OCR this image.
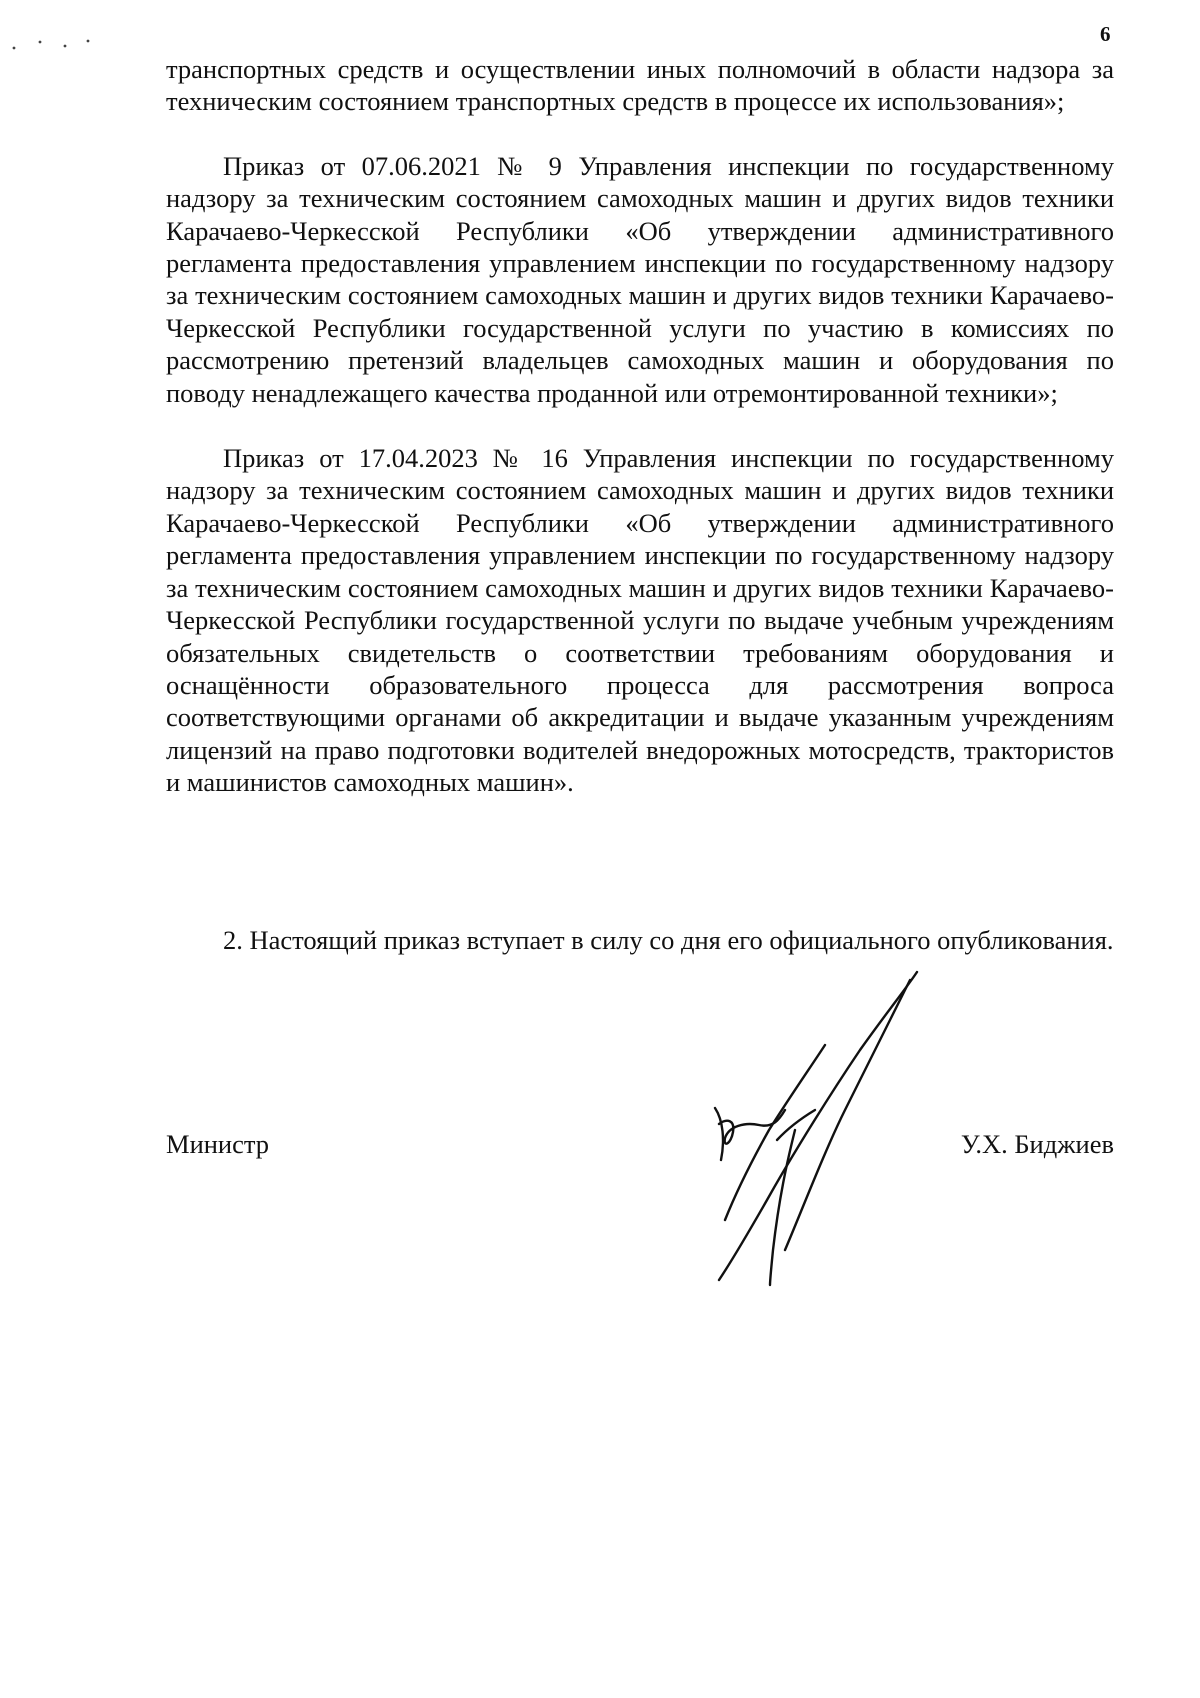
6

транспортных средств и осуществлении иных полномочий в области надзора за техническим состоянием транспортных средств в процессе их использования»;

Приказ от 07.06.2021 № 9 Управления инспекции по государственному надзору за техническим состоянием самоходных машин и других видов техники Карачаево-Черкесской Республики «Об утверждении административного регламента предоставления управлением инспекции по государственному надзору за техническим состоянием самоходных машин и других видов техники Карачаево-Черкесской Республики государственной услуги по участию в комиссиях по рассмотрению претензий владельцев самоходных машин и оборудования по поводу ненадлежащего качества проданной или отремонтированной техники»;

Приказ от 17.04.2023 № 16 Управления инспекции по государственному надзору за техническим состоянием самоходных машин и других видов техники Карачаево-Черкесской Республики «Об утверждении административного регламента предоставления управлением инспекции по государственному надзору за техническим состоянием самоходных машин и других видов техники Карачаево-Черкесской Республики государственной услуги по выдаче учебным учреждениям обязательных свидетельств о соответствии требованиям оборудования и оснащённости образовательного процесса для рассмотрения вопроса соответствующими органами об аккредитации и выдаче указанным учреждениям лицензий на право подготовки водителей внедорожных мотосредств, трактористов и машинистов самоходных машин».

2. Настоящий приказ вступает в силу со дня его официального опубликования.

Министр	У.Х. Биджиев
